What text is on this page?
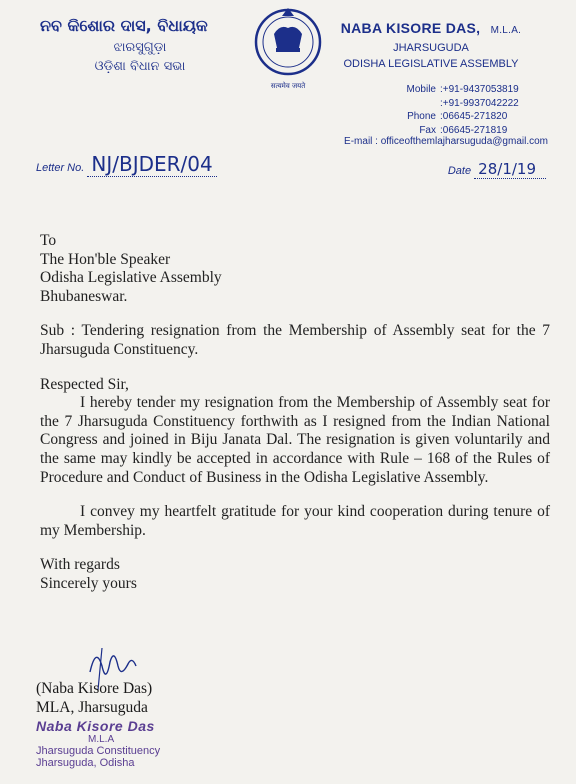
ନବ କିଶୋର ଦାସ, ବିଧାୟକ
ଝାରସୁଗୁଡ଼ା
ଓଡ଼ିଶା ବିଧାନ ସଭା
सत्यमेव जयते
NABA KISORE DAS, M.L.A.
JHARSUGUDA
ODISHA LEGISLATIVE ASSEMBLY
Mobile : +91-9437053819
: +91-9937042222
Phone : 06645-271820
Fax : 06645-271819
E-mail : officeofthemlajharsuguda@gmail.com
Letter No. NJ/BJDER/04	Date 28/1/19

To

The Hon'ble Speaker

Odisha Legislative Assembly

Bhubaneswar.

Sub : Tendering resignation from the Membership of Assembly seat for the 7 Jharsuguda Constituency.

Respected Sir,

I hereby tender my resignation from the Membership of Assembly seat for the 7 Jharsuguda Constituency forthwith as I resigned from the Indian National Congress and joined in Biju Janata Dal. The resignation is given voluntarily and the same may kindly be accepted in accordance with Rule – 168 of the Rules of Procedure and Conduct of Business in the Odisha Legislative Assembly.

I convey my heartfelt gratitude for your kind cooperation during tenure of my Membership.

With regards

Sincerely yours

(Naba Kisore Das)
MLA, Jharsuguda
Naba Kisore Das
M.L.A
Jharsuguda Constituency
Jharsuguda, Odisha
